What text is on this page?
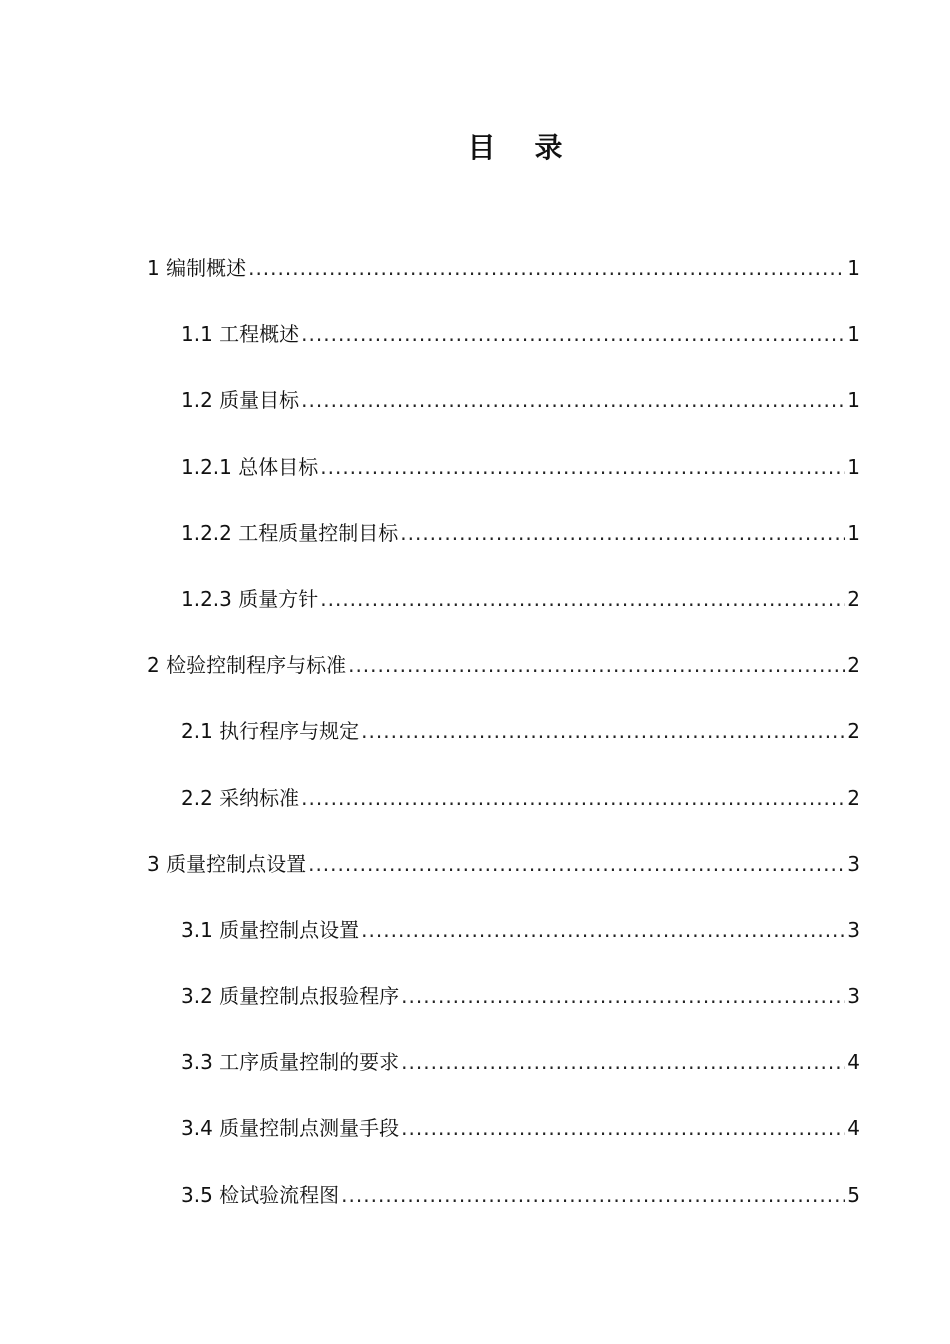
目    录
1 编制概述 .....	1
1.1 工程概述 .....	1
1.2 质量目标 .....	1
1.2.1 总体目标 .....	1
1.2.2 工程质量控制目标 .....	1
1.2.3 质量方针 .....	2
2 检验控制程序与标准 .....	2
2.1 执行程序与规定 .....	2
2.2 采纳标准 .....	2
3 质量控制点设置 .....	3
3.1 质量控制点设置 .....	3
3.2 质量控制点报验程序 .....	3
3.3 工序质量控制的要求 .....	4
3.4 质量控制点测量手段 .....	4
3.5 检试验流程图 .....	5
